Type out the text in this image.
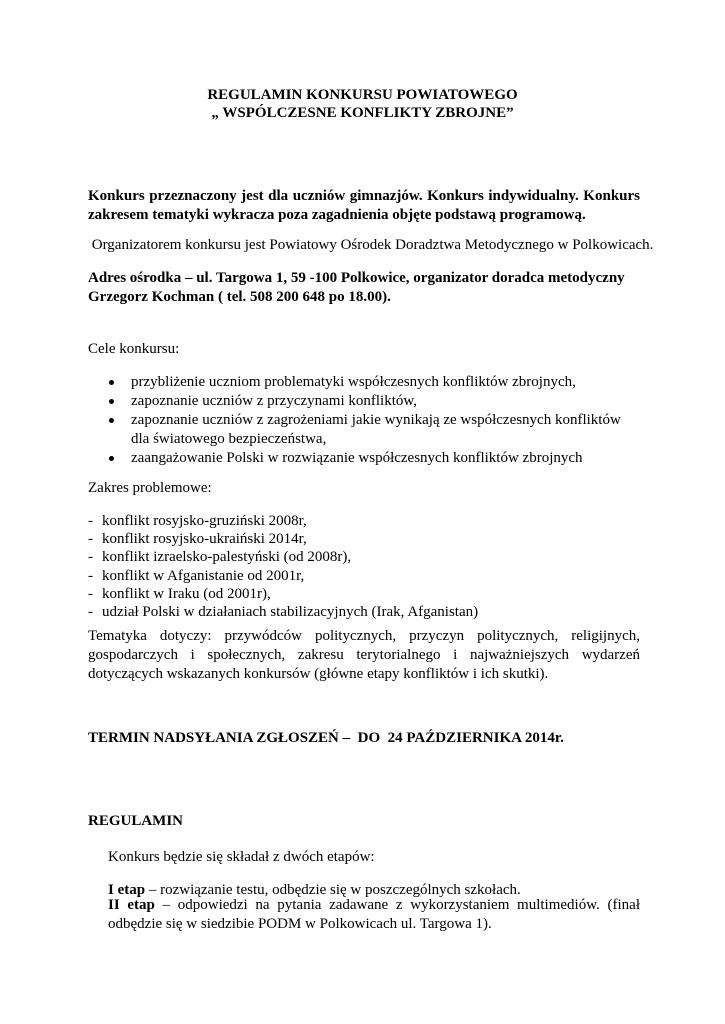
REGULAMIN KONKURSU POWIATOWEGO
„ WSPÓLCZESNE KONFLIKTY ZBROJNE”
Konkurs przeznaczony jest dla uczniów gimnazjów. Konkurs indywidualny. Konkurs zakresem tematyki wykracza poza zagadnienia objęte podstawą programową.
Organizatorem konkursu jest Powiatowy Ośrodek Doradztwa Metodycznego w Polkowicach.
Adres ośrodka – ul. Targowa 1, 59 -100 Polkowice, organizator doradca metodyczny Grzegorz Kochman ( tel. 508 200 648 po 18.00).
Cele konkursu:
przybliżenie uczniom problematyki współczesnych konfliktów zbrojnych,
zapoznanie uczniów z przyczynami konfliktów,
zapoznanie uczniów z zagrożeniami jakie wynikają ze współczesnych konfliktów dla światowego bezpieczeństwa,
zaangażowanie Polski w rozwiązanie współczesnych konfliktów zbrojnych
Zakres problemowe:
- konflikt rosyjsko-gruziński 2008r,
- konflikt rosyjsko-ukraiński 2014r,
- konflikt izraelsko-palestyński (od 2008r),
- konflikt w Afganistanie od 2001r,
- konflikt w Iraku (od 2001r),
- udział Polski w działaniach stabilizacyjnych (Irak, Afganistan)
Tematyka dotyczy: przywódców politycznych, przyczyn politycznych, religijnych, gospodarczych i społecznych, zakresu terytorialnego i najważniejszych wydarzeń dotyczących wskazanych konkursów (główne etapy konfliktów i ich skutki).
TERMIN NADSYŁANIA ZGŁOSZEŃ –  DO  24 PAŹDZIERNIKA 2014r.
REGULAMIN
Konkurs będzie się składał z dwóch etapów:
I etap – rozwiązanie testu, odbędzie się w poszczególnych szkołach.
II etap – odpowiedzi na pytania zadawane z wykorzystaniem multimediów. (finał odbędzie się w siedzibie PODM w Polkowicach ul. Targowa 1).
